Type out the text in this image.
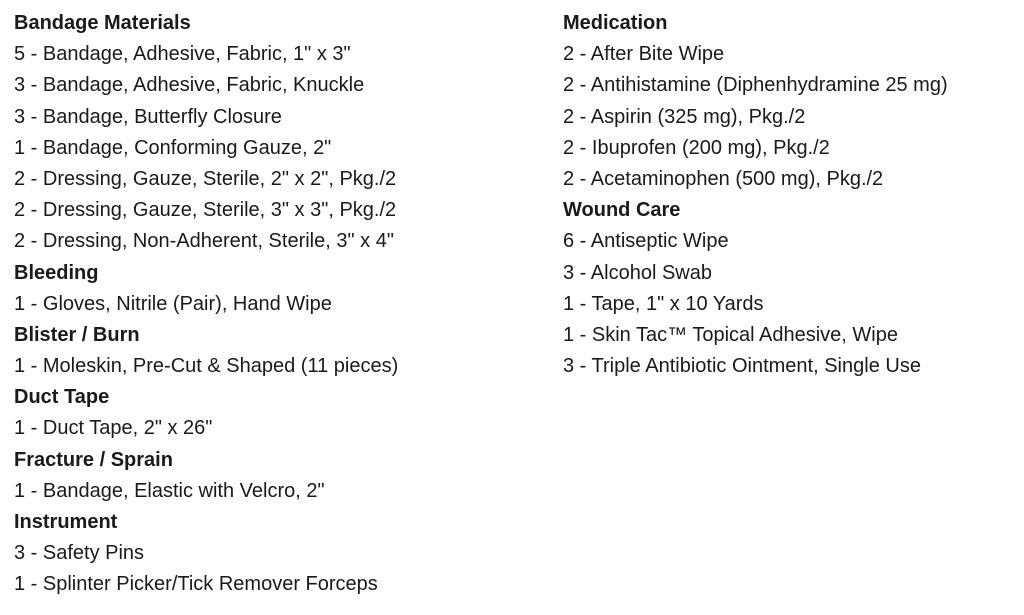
Bandage Materials
5 - Bandage, Adhesive, Fabric, 1" x 3"
3 - Bandage, Adhesive, Fabric, Knuckle
3 - Bandage, Butterfly Closure
1 - Bandage, Conforming Gauze, 2"
2 - Dressing, Gauze, Sterile, 2" x 2", Pkg./2
2 - Dressing, Gauze, Sterile, 3" x 3", Pkg./2
2 - Dressing, Non-Adherent, Sterile, 3" x 4"
Bleeding
1 - Gloves, Nitrile (Pair), Hand Wipe
Blister / Burn
1 - Moleskin, Pre-Cut & Shaped (11 pieces)
Duct Tape
1 - Duct Tape, 2" x 26"
Fracture / Sprain
1 - Bandage, Elastic with Velcro, 2"
Instrument
3 - Safety Pins
1 - Splinter Picker/Tick Remover Forceps
Medication
2 - After Bite Wipe
2 - Antihistamine (Diphenhydramine 25 mg)
2 - Aspirin (325 mg), Pkg./2
2 - Ibuprofen (200 mg), Pkg./2
2 - Acetaminophen (500 mg), Pkg./2
Wound Care
6 - Antiseptic Wipe
3 - Alcohol Swab
1 - Tape, 1" x 10 Yards
1 - Skin Tac™ Topical Adhesive, Wipe
3 - Triple Antibiotic Ointment, Single Use
